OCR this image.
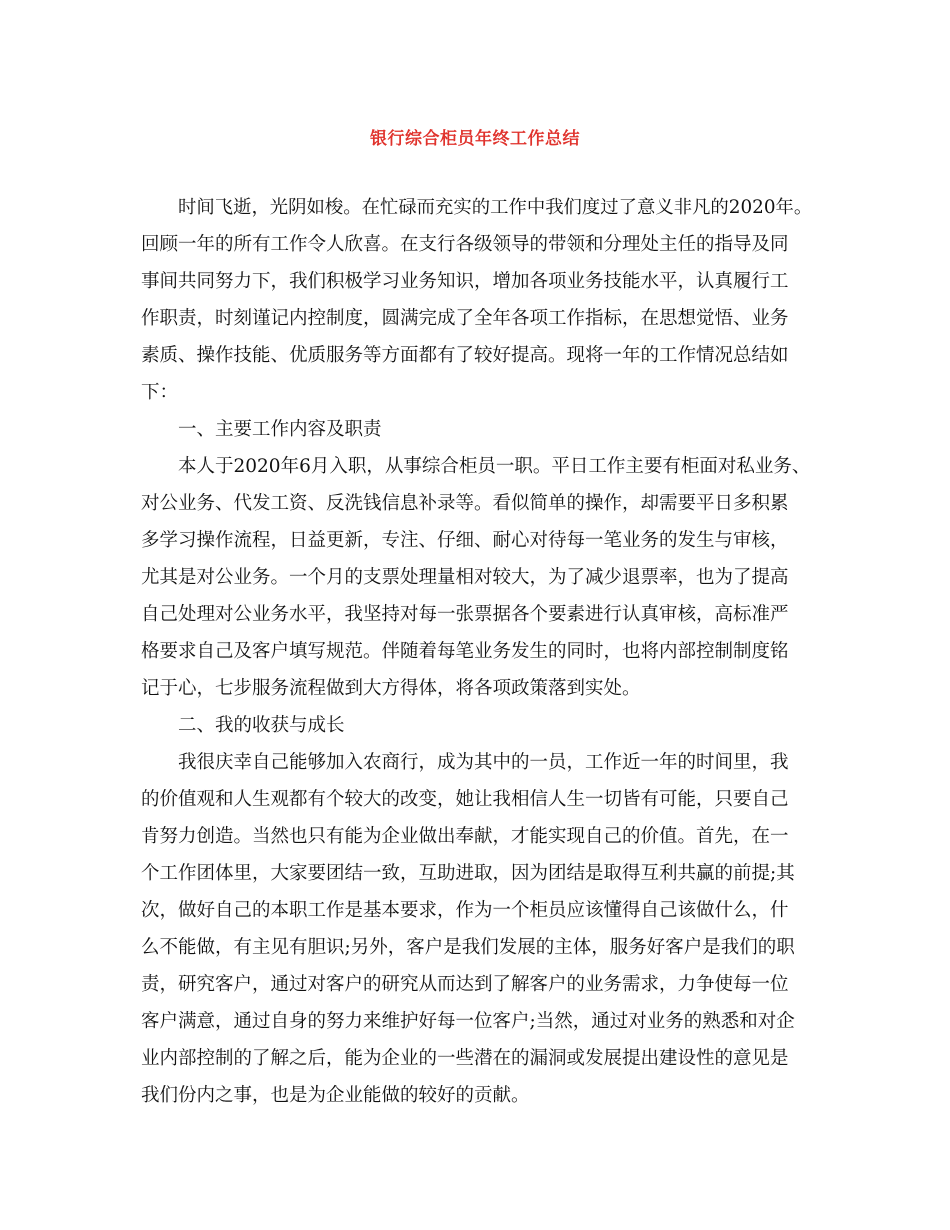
银行综合柜员年终工作总结
时间飞逝，光阴如梭。在忙碌而充实的工作中我们度过了意义非凡的2020年。
回顾一年的所有工作令人欣喜。在支行各级领导的带领和分理处主任的指导及同
事间共同努力下，我们积极学习业务知识，增加各项业务技能水平，认真履行工
作职责，时刻谨记内控制度，圆满完成了全年各项工作指标，在思想觉悟、业务
素质、操作技能、优质服务等方面都有了较好提高。现将一年的工作情况总结如
下：
一、主要工作内容及职责
本人于2020年6月入职，从事综合柜员一职。平日工作主要有柜面对私业务、
对公业务、代发工资、反洗钱信息补录等。看似简单的操作，却需要平日多积累
多学习操作流程，日益更新，专注、仔细、耐心对待每一笔业务的发生与审核，
尤其是对公业务。一个月的支票处理量相对较大，为了减少退票率，也为了提高
自己处理对公业务水平，我坚持对每一张票据各个要素进行认真审核，高标准严
格要求自己及客户填写规范。伴随着每笔业务发生的同时，也将内部控制制度铭
记于心，七步服务流程做到大方得体，将各项政策落到实处。
二、我的收获与成长
我很庆幸自己能够加入农商行，成为其中的一员，工作近一年的时间里，我
的价值观和人生观都有个较大的改变，她让我相信人生一切皆有可能，只要自己
肯努力创造。当然也只有能为企业做出奉献，才能实现自己的价值。首先，在一
个工作团体里，大家要团结一致，互助进取，因为团结是取得互利共赢的前提;其
次，做好自己的本职工作是基本要求，作为一个柜员应该懂得自己该做什么，什
么不能做，有主见有胆识;另外，客户是我们发展的主体，服务好客户是我们的职
责，研究客户，通过对客户的研究从而达到了解客户的业务需求，力争使每一位
客户满意，通过自身的努力来维护好每一位客户;当然，通过对业务的熟悉和对企
业内部控制的了解之后，能为企业的一些潜在的漏洞或发展提出建设性的意见是
我们份内之事，也是为企业能做的较好的贡献。
